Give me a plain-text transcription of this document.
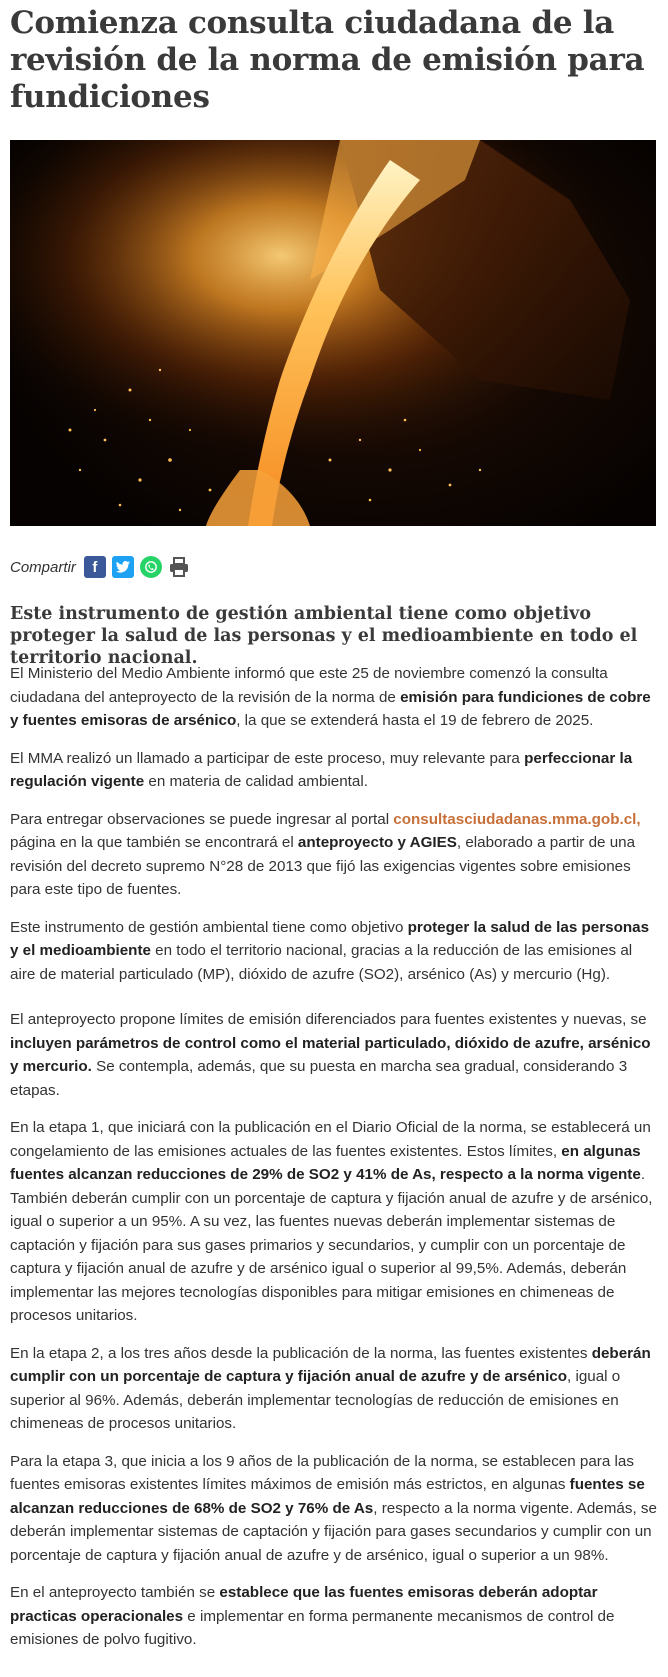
Comienza consulta ciudadana de la revisión de la norma de emisión para fundiciones
Compartir	f

Este instrumento de gestión ambiental tiene como objetivo proteger la salud de las personas y el medioambiente en todo el territorio nacional.

El Ministerio del Medio Ambiente informó que este 25 de noviembre comenzó la consulta ciudadana del anteproyecto de la revisión de la norma de emisión para fundiciones de cobre y fuentes emisoras de arsénico, la que se extenderá hasta el 19 de febrero de 2025.

El MMA realizó un llamado a participar de este proceso, muy relevante para perfeccionar la regulación vigente en materia de calidad ambiental.

Para entregar observaciones se puede ingresar al portal consultasciudadanas.mma.gob.cl, página en la que también se encontrará el anteproyecto y AGIES, elaborado a partir de una revisión del decreto supremo N°28 de 2013 que fijó las exigencias vigentes sobre emisiones para este tipo de fuentes.

Este instrumento de gestión ambiental tiene como objetivo proteger la salud de las personas y el medioambiente en todo el territorio nacional, gracias a la reducción de las emisiones al aire de material particulado (MP), dióxido de azufre (SO2), arsénico (As) y mercurio (Hg).

El anteproyecto propone límites de emisión diferenciados para fuentes existentes y nuevas, se incluyen parámetros de control como el material particulado, dióxido de azufre, arsénico y mercurio. Se contempla, además, que su puesta en marcha sea gradual, considerando 3 etapas.

En la etapa 1, que iniciará con la publicación en el Diario Oficial de la norma, se establecerá un congelamiento de las emisiones actuales de las fuentes existentes. Estos límites, en algunas fuentes alcanzan reducciones de 29% de SO2 y 41% de As, respecto a la norma vigente. También deberán cumplir con un porcentaje de captura y fijación anual de azufre y de arsénico, igual o superior a un 95%. A su vez, las fuentes nuevas deberán implementar sistemas de captación y fijación para sus gases primarios y secundarios, y cumplir con un porcentaje de captura y fijación anual de azufre y de arsénico igual o superior al 99,5%. Además, deberán implementar las mejores tecnologías disponibles para mitigar emisiones en chimeneas de procesos unitarios.

En la etapa 2, a los tres años desde la publicación de la norma, las fuentes existentes deberán cumplir con un porcentaje de captura y fijación anual de azufre y de arsénico, igual o superior al 96%. Además, deberán implementar tecnologías de reducción de emisiones en chimeneas de procesos unitarios.

Para la etapa 3, que inicia a los 9 años de la publicación de la norma, se establecen para las fuentes emisoras existentes límites máximos de emisión más estrictos, en algunas fuentes se alcanzan reducciones de 68% de SO2 y 76% de As, respecto a la norma vigente. Además, se deberán implementar sistemas de captación y fijación para gases secundarios y cumplir con un porcentaje de captura y fijación anual de azufre y de arsénico, igual o superior a un 98%.

En el anteproyecto también se establece que las fuentes emisoras deberán adoptar practicas operacionales e implementar en forma permanente mecanismos de control de emisiones de polvo fugitivo.
